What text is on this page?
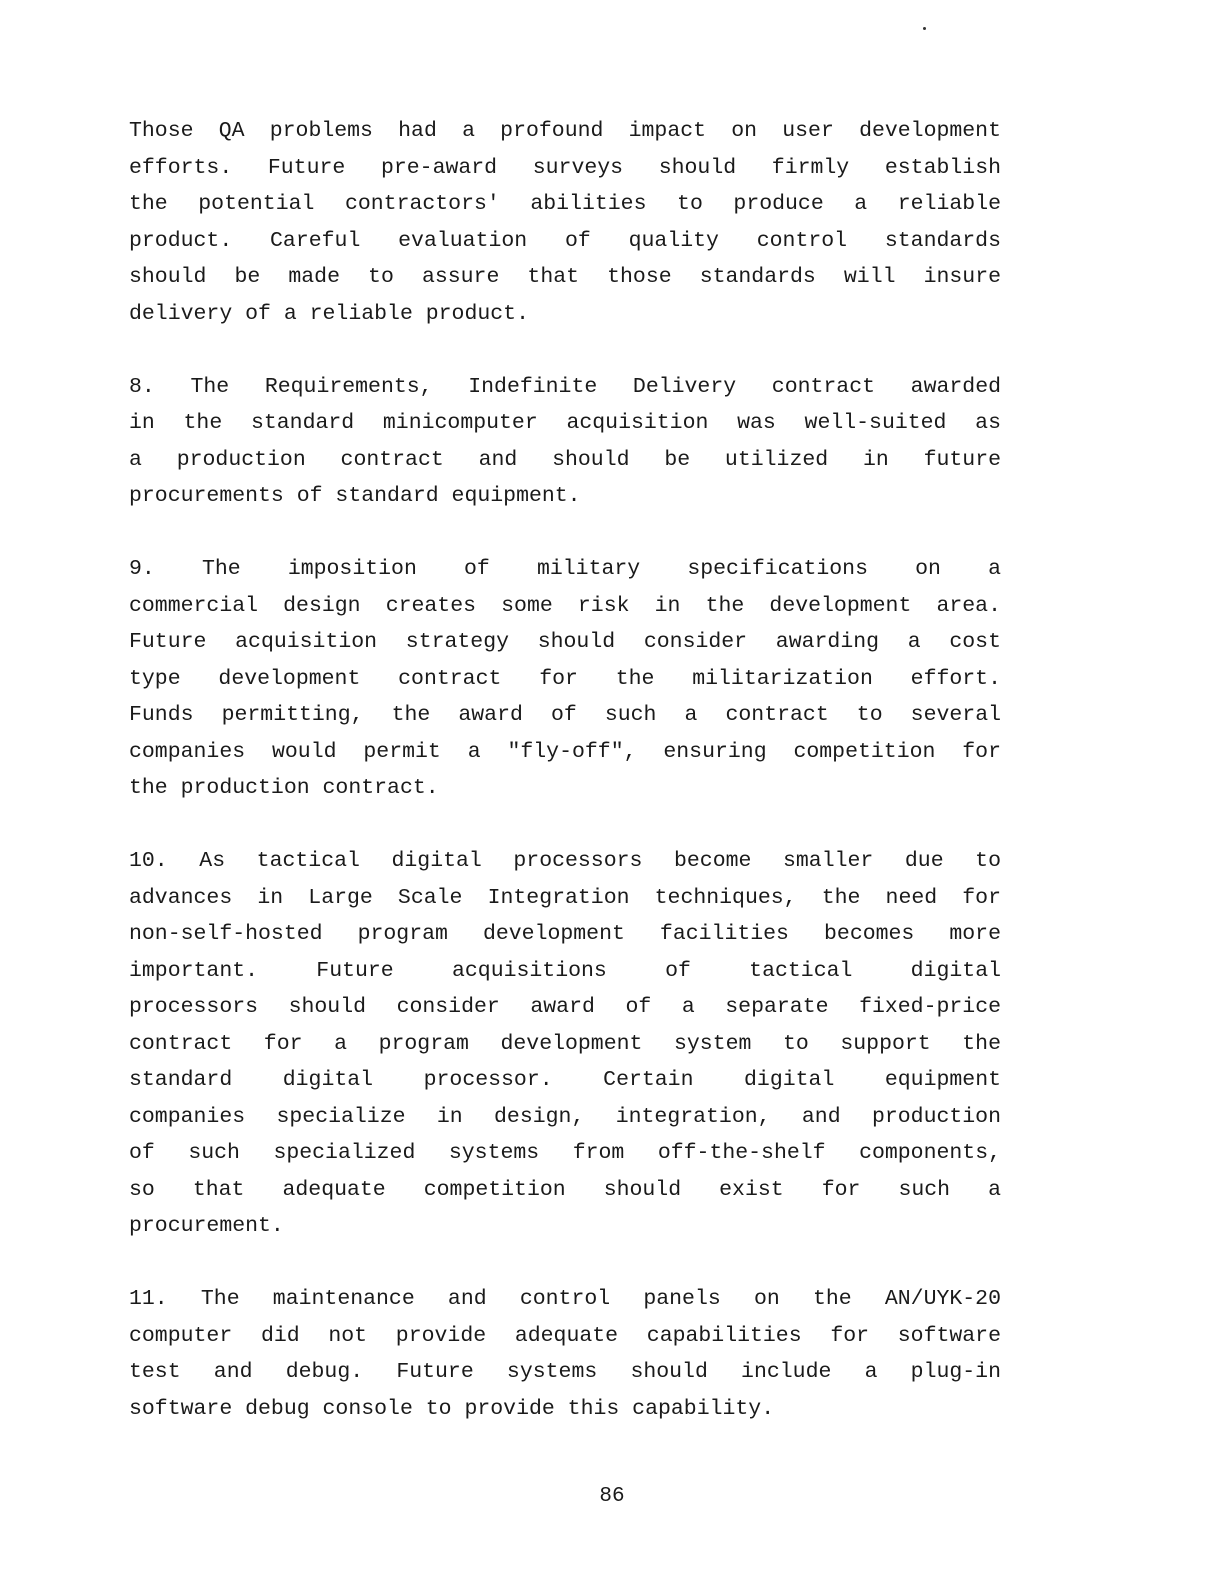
Those QA problems had a profound impact on user development
efforts. Future pre-award surveys should firmly establish
the potential contractors' abilities to produce a reliable
product. Careful evaluation of quality control standards
should be made to assure that those standards will insure
delivery of a reliable product.
8. The Requirements, Indefinite Delivery contract awarded
in the standard minicomputer acquisition was well-suited as
a production contract and should be utilized in future
procurements of standard equipment.
9. The imposition of military specifications on a
commercial design creates some risk in the development area.
Future acquisition strategy should consider awarding a cost
type development contract for the militarization effort.
Funds permitting, the award of such a contract to several
companies would permit a "fly-off", ensuring competition for
the production contract.
10. As tactical digital processors become smaller due to
advances in Large Scale Integration techniques, the need for
non-self-hosted program development facilities becomes more
important. Future acquisitions of tactical digital
processors should consider award of a separate fixed-price
contract for a program development system to support the
standard digital processor. Certain digital equipment
companies specialize in design, integration, and production
of such specialized systems from off-the-shelf components,
so that adequate competition should exist for such a
procurement.
11. The maintenance and control panels on the AN/UYK-20
computer did not provide adequate capabilities for software
test and debug. Future systems should include a plug-in
software debug console to provide this capability.
86
